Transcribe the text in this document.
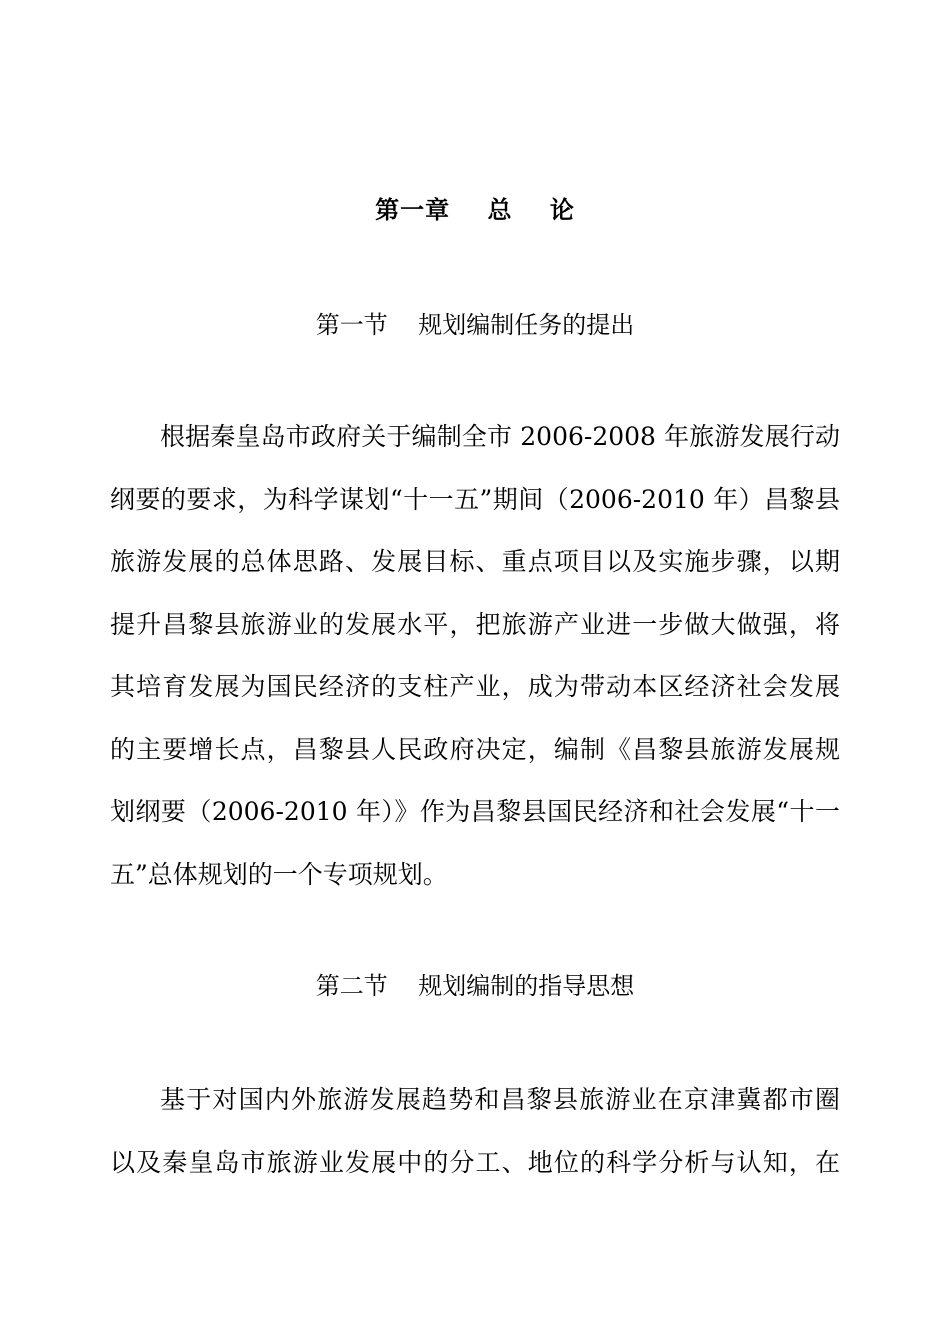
第一章    总    论
第一节    规划编制任务的提出
根据秦皇岛市政府关于编制全市 2006-2008 年旅游发展行动
纲要的要求，为科学谋划“十一五”期间（2006-2010 年）昌黎县
旅游发展的总体思路、发展目标、重点项目以及实施步骤，以期
提升昌黎县旅游业的发展水平，把旅游产业进一步做大做强，将
其培育发展为国民经济的支柱产业，成为带动本区经济社会发展
的主要增长点，昌黎县人民政府决定，编制《昌黎县旅游发展规
划纲要（2006-2010 年）》作为昌黎县国民经济和社会发展“十一
五”总体规划的一个专项规划。
第二节    规划编制的指导思想
基于对国内外旅游发展趋势和昌黎县旅游业在京津冀都市圈
以及秦皇岛市旅游业发展中的分工、地位的科学分析与认知，在
